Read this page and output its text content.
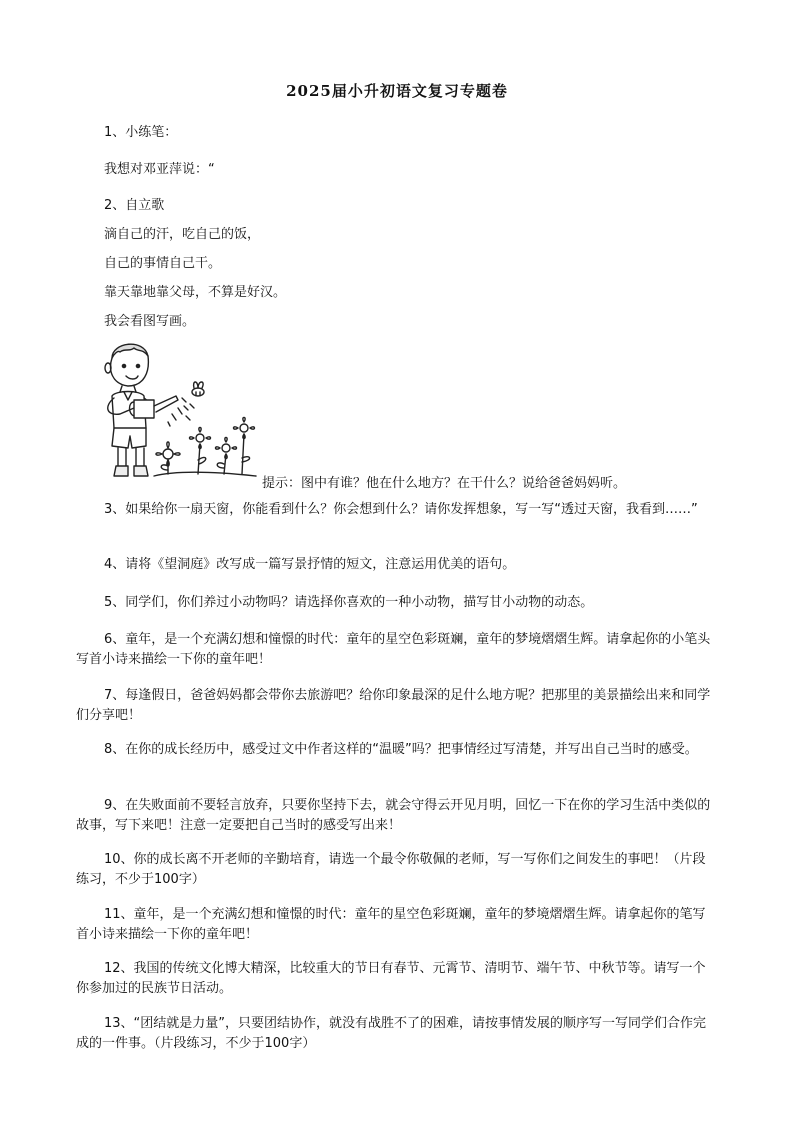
2025届小升初语文复习专题卷
1、小练笔：
我想对邓亚萍说：“
2、自立歌
滴自己的汗，吃自己的饭，
自己的事情自己干。
靠天靠地靠父母，不算是好汉。
我会看图写画。
提示：图中有谁？他在什么地方？在干什么？说给爸爸妈妈听。
3、如果给你一扇天窗，你能看到什么？你会想到什么？请你发挥想象，写一写“透过天窗，我看到……”
4、请将《望洞庭》改写成一篇写景抒情的短文，注意运用优美的语句。
5、同学们，你们养过小动物吗？请选择你喜欢的一种小动物，描写甘小动物的动态。
6、童年，是一个充满幻想和憧憬的时代：童年的星空色彩斑斓，童年的梦境熠熠生辉。请拿起你的小笔头写首小诗来描绘一下你的童年吧！
7、每逢假日，爸爸妈妈都会带你去旅游吧？给你印象最深的足什么地方呢？把那里的美景描绘出来和同学们分享吧！
8、在你的成长经历中，感受过文中作者这样的“温暖”吗？把事情经过写清楚，并写出自己当时的感受。
9、在失败面前不要轻言放弃，只要你坚持下去，就会守得云开见月明，回忆一下在你的学习生活中类似的故事，写下来吧！注意一定要把自己当时的感受写出来！
10、你的成长离不开老师的辛勤培育，请选一个最令你敬佩的老师，写一写你们之间发生的事吧！（片段练习，不少于100字）
11、童年，是一个充满幻想和憧憬的时代：童年的星空色彩斑斓，童年的梦境熠熠生辉。请拿起你的笔写首小诗来描绘一下你的童年吧！
12、我国的传统文化博大精深，比较重大的节日有春节、元霄节、清明节、端午节、中秋节等。请写一个你参加过的民族节日活动。
13、“团结就是力量”，只要团结协作，就没有战胜不了的困难，请按事情发展的顺序写一写同学们合作完成的一件事。（片段练习，不少于100字）
